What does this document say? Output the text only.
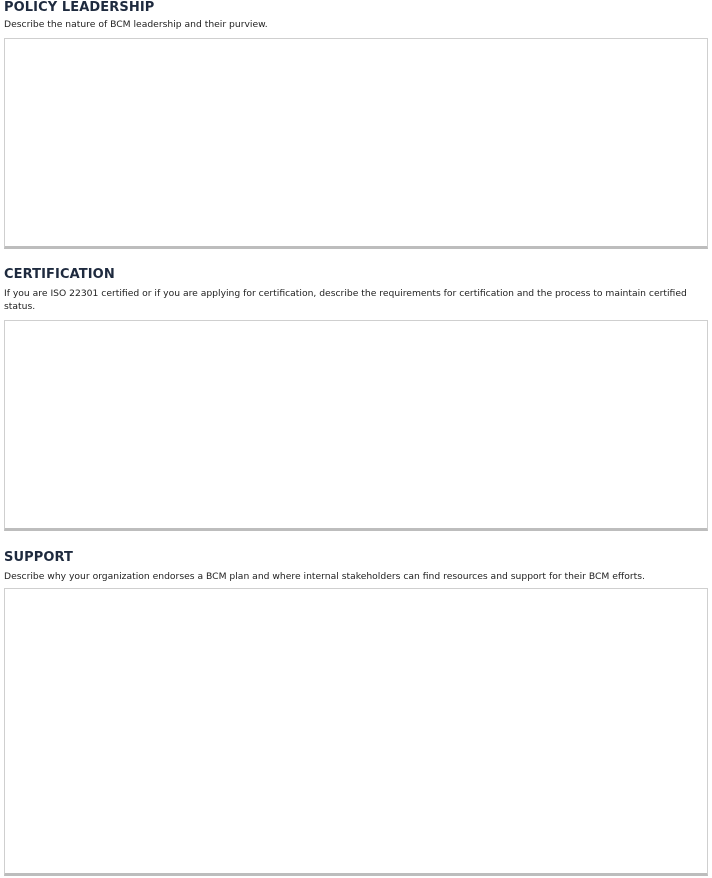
POLICY LEADERSHIP

Describe the nature of BCM leadership and their purview.

CERTIFICATION

If you are ISO 22301 certified or if you are applying for certification, describe the requirements for certification and the process to maintain certified status.

SUPPORT

Describe why your organization endorses a BCM plan and where internal stakeholders can find resources and support for their BCM efforts.
